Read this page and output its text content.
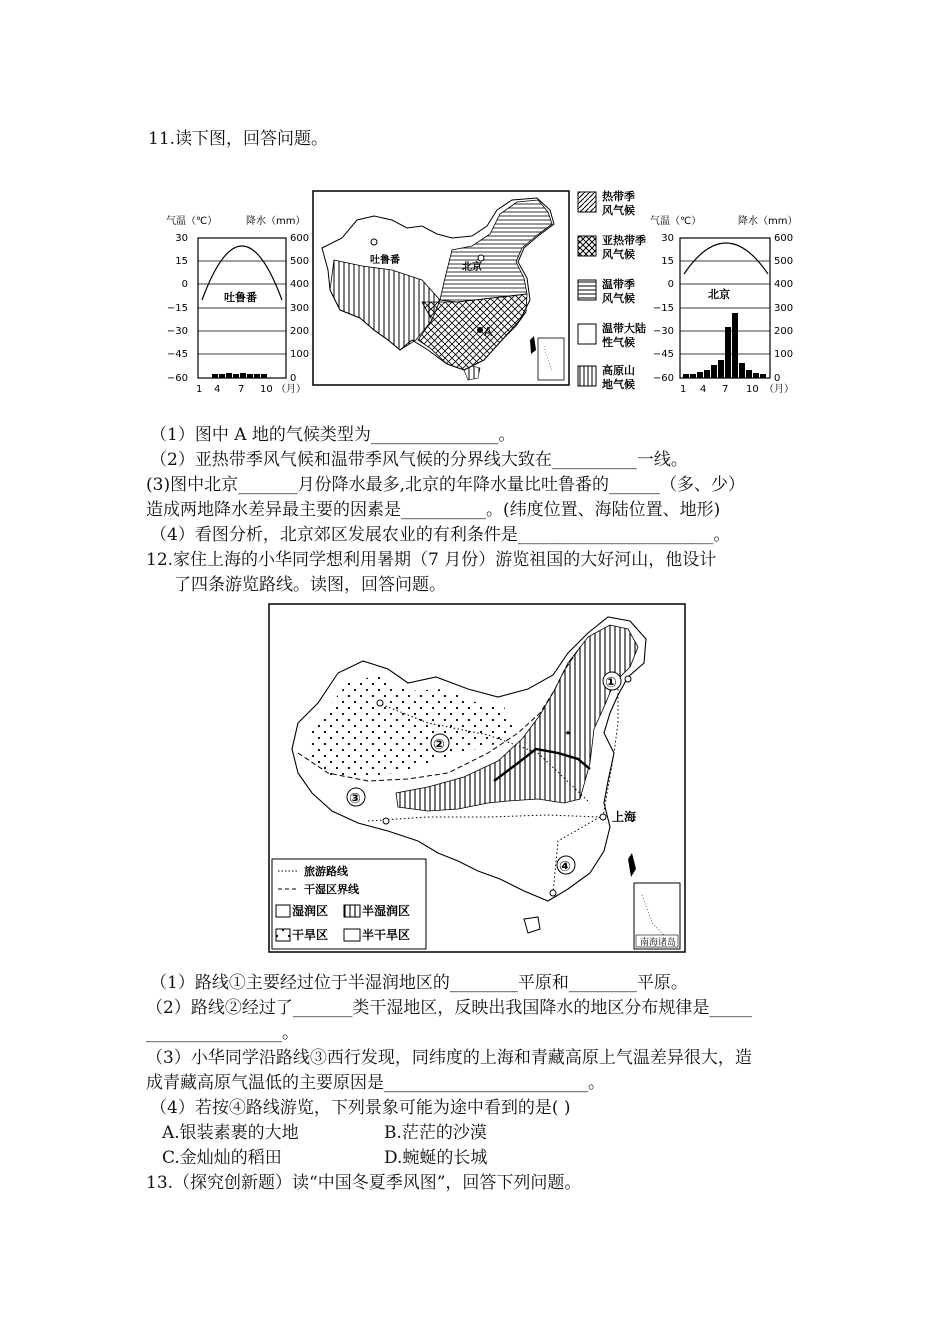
11.读下图，回答问题。
气温（℃）	降水（mm）
30
15
0
−15
−30
−45
−60
600
500
400
300
200
100
0
吐鲁番
1 4 7 10 （月）
吐鲁番
北京
A
热带季
风气候
亚热带季
风气候
温带季
风气候
温带大陆
性气候
高原山
地气候
气温（℃）	降水（mm）
30
15
0
−15
−30
−45
−60
600
500
400
300
200
100
0
北京
1 4 7 10 （月）
（1）图中 A 地的气候类型为_______________。
（2）亚热带季风气候和温带季风气候的分界线大致在__________一线。
(3)图中北京_______月份降水最多,北京的年降水量比吐鲁番的______（多、少）
造成两地降水差异最主要的因素是__________。(纬度位置、海陆位置、地形)
（4）看图分析，北京郊区发展农业的有利条件是_______________________。
12.家住上海的小华同学想利用暑期（7 月份）游览祖国的大好河山，他设计
了四条游览路线。读图，回答问题。
①
②
③
④
上海
南海诸岛
旅游路线
干湿区界线
湿润区	半湿润区
干旱区	半干旱区
（1）路线①主要经过位于半湿润地区的________平原和________平原。
（2）路线②经过了_______类干湿地区，反映出我国降水的地区分布规律是_____
________________。
（3）小华同学沿路线③西行发现，同纬度的上海和青藏高原上气温差异很大，造
成青藏高原气温低的主要原因是________________________。
（4）若按④路线游览，下列景象可能为途中看到的是( )
A.银装素裹的大地	B.茫茫的沙漠
C.金灿灿的稻田	D.蜿蜒的长城
13.（探究创新题）读“中国冬夏季风图”，回答下列问题。
